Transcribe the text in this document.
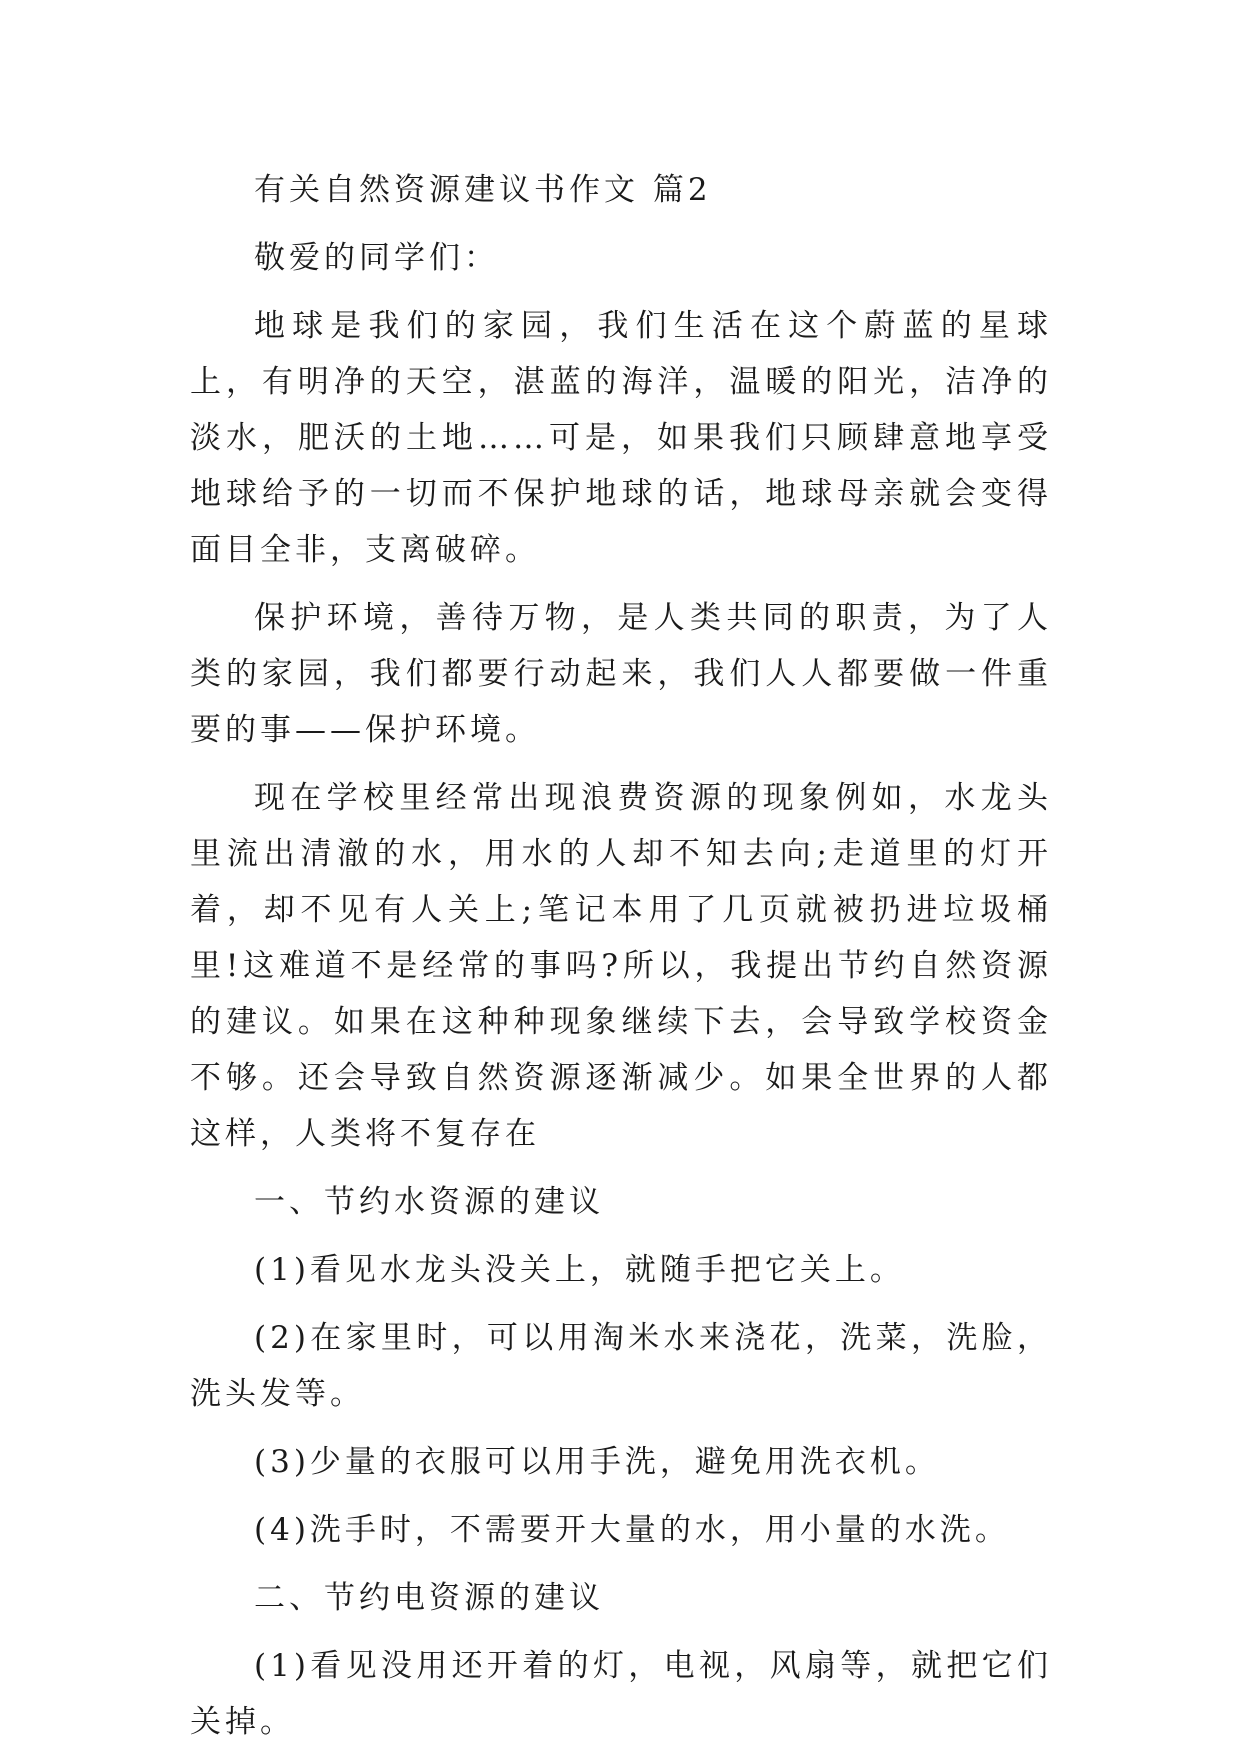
有关自然资源建议书作文 篇2

敬爱的同学们：

地球是我们的家园，我们生活在这个蔚蓝的星球上，有明净的天空，湛蓝的海洋，温暖的阳光，洁净的淡水，肥沃的土地……可是，如果我们只顾肆意地享受地球给予的一切而不保护地球的话，地球母亲就会变得面目全非，支离破碎。

保护环境，善待万物，是人类共同的职责，为了人类的家园，我们都要行动起来，我们人人都要做一件重要的事——保护环境。

现在学校里经常出现浪费资源的现象例如，水龙头里流出清澈的水，用水的人却不知去向;走道里的灯开着，却不见有人关上;笔记本用了几页就被扔进垃圾桶里!这难道不是经常的事吗?所以，我提出节约自然资源的建议。如果在这种种现象继续下去，会导致学校资金不够。还会导致自然资源逐渐减少。如果全世界的人都这样，人类将不复存在

一、节约水资源的建议

(1)看见水龙头没关上，就随手把它关上。

(2)在家里时，可以用淘米水来浇花，洗菜，洗脸，洗头发等。

(3)少量的衣服可以用手洗，避免用洗衣机。

(4)洗手时，不需要开大量的水，用小量的水洗。

二、节约电资源的建议

(1)看见没用还开着的灯，电视，风扇等，就把它们关掉。
